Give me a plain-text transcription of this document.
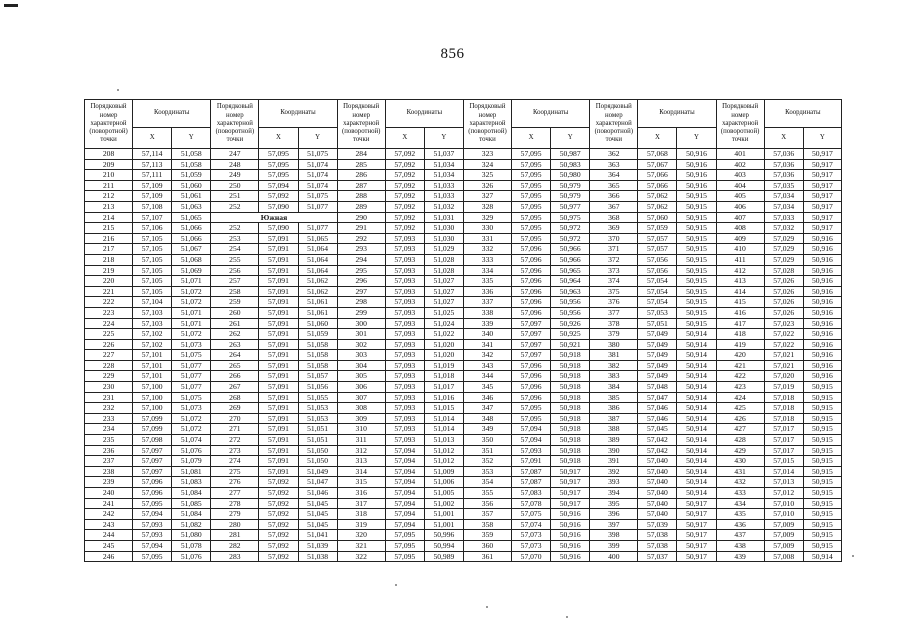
856
Порядковый номер характерной (поворотной) точки	Координаты		Порядковый номер характерной (поворотной) точки	Координаты		Порядковый номер характерной (поворотной) точки	Координаты		Порядковый номер характерной (поворотной) точки	Координаты		Порядковый номер характерной (поворотной) точки	Координаты		Порядковый номер характерной (поворотной) точки	Координаты	
	X	Y		X	Y		X	Y		X	Y		X	Y		X	Y
208	57,114	51,058	247	57,095	51,075	284	57,092	51,037	323	57,095	50,987	362	57,068	50,916	401	57,036	50,917
209	57,113	51,058	248	57,095	51,074	285	57,092	51,034	324	57,095	50,983	363	57,067	50,916	402	57,036	50,917
210	57,111	51,059	249	57,095	51,074	286	57,092	51,034	325	57,095	50,980	364	57,066	50,916	403	57,036	50,917
211	57,109	51,060	250	57,094	51,074	287	57,092	51,033	326	57,095	50,979	365	57,066	50,916	404	57,035	50,917
212	57,109	51,061	251	57,092	51,075	288	57,092	51,033	327	57,095	50,979	366	57,062	50,915	405	57,034	50,917
213	57,108	51,063	252	57,090	51,077	289	57,092	51,032	328	57,095	50,977	367	57,062	50,915	406	57,034	50,917
214	57,107	51,065	Южная			290	57,092	51,031	329	57,095	50,975	368	57,060	50,915	407	57,033	50,917
215	57,106	51,066	252	57,090	51,077	291	57,092	51,030	330	57,095	50,972	369	57,059	50,915	408	57,032	50,917
216	57,105	51,066	253	57,091	51,065	292	57,093	51,030	331	57,095	50,972	370	57,057	50,915	409	57,029	50,916
217	57,105	51,067	254	57,091	51,064	293	57,093	51,029	332	57,096	50,966	371	57,057	50,915	410	57,029	50,916
218	57,105	51,068	255	57,091	51,064	294	57,093	51,028	333	57,096	50,966	372	57,056	50,915	411	57,029	50,916
219	57,105	51,069	256	57,091	51,064	295	57,093	51,028	334	57,096	50,965	373	57,056	50,915	412	57,028	50,916
220	57,105	51,071	257	57,091	51,062	296	57,093	51,027	335	57,096	50,964	374	57,054	50,915	413	57,026	50,916
221	57,105	51,072	258	57,091	51,062	297	57,093	51,027	336	57,096	50,963	375	57,054	50,915	414	57,026	50,916
222	57,104	51,072	259	57,091	51,061	298	57,093	51,027	337	57,096	50,956	376	57,054	50,915	415	57,026	50,916
223	57,103	51,071	260	57,091	51,061	299	57,093	51,025	338	57,096	50,956	377	57,053	50,915	416	57,026	50,916
224	57,103	51,071	261	57,091	51,060	300	57,093	51,024	339	57,097	50,926	378	57,051	50,915	417	57,023	50,916
225	57,102	51,072	262	57,091	51,059	301	57,093	51,022	340	57,097	50,925	379	57,049	50,914	418	57,022	50,916
226	57,102	51,073	263	57,091	51,058	302	57,093	51,020	341	57,097	50,921	380	57,049	50,914	419	57,022	50,916
227	57,101	51,075	264	57,091	51,058	303	57,093	51,020	342	57,097	50,918	381	57,049	50,914	420	57,021	50,916
228	57,101	51,077	265	57,091	51,058	304	57,093	51,019	343	57,096	50,918	382	57,049	50,914	421	57,021	50,916
229	57,101	51,077	266	57,091	51,057	305	57,093	51,018	344	57,096	50,918	383	57,049	50,914	422	57,020	50,916
230	57,100	51,077	267	57,091	51,056	306	57,093	51,017	345	57,096	50,918	384	57,048	50,914	423	57,019	50,915
231	57,100	51,075	268	57,091	51,055	307	57,093	51,016	346	57,096	50,918	385	57,047	50,914	424	57,018	50,915
232	57,100	51,073	269	57,091	51,053	308	57,093	51,015	347	57,095	50,918	386	57,046	50,914	425	57,018	50,915
233	57,099	51,072	270	57,091	51,053	309	57,093	51,014	348	57,095	50,918	387	57,046	50,914	426	57,018	50,915
234	57,099	51,072	271	57,091	51,051	310	57,093	51,014	349	57,094	50,918	388	57,045	50,914	427	57,017	50,915
235	57,098	51,074	272	57,091	51,051	311	57,093	51,013	350	57,094	50,918	389	57,042	50,914	428	57,017	50,915
236	57,097	51,076	273	57,091	51,050	312	57,094	51,012	351	57,093	50,918	390	57,042	50,914	429	57,017	50,915
237	57,097	51,079	274	57,091	51,050	313	57,094	51,012	352	57,091	50,918	391	57,040	50,914	430	57,015	50,915
238	57,097	51,081	275	57,091	51,049	314	57,094	51,009	353	57,087	50,917	392	57,040	50,914	431	57,014	50,915
239	57,096	51,083	276	57,092	51,047	315	57,094	51,006	354	57,087	50,917	393	57,040	50,914	432	57,013	50,915
240	57,096	51,084	277	57,092	51,046	316	57,094	51,005	355	57,083	50,917	394	57,040	50,914	433	57,012	50,915
241	57,095	51,085	278	57,092	51,045	317	57,094	51,002	356	57,078	50,917	395	57,040	50,917	434	57,010	50,915
242	57,094	51,084	279	57,092	51,045	318	57,094	51,001	357	57,075	50,916	396	57,040	50,917	435	57,010	50,915
243	57,093	51,082	280	57,092	51,045	319	57,094	51,001	358	57,074	50,916	397	57,039	50,917	436	57,009	50,915
244	57,093	51,080	281	57,092	51,041	320	57,095	50,996	359	57,073	50,916	398	57,038	50,917	437	57,009	50,915
245	57,094	51,078	282	57,092	51,039	321	57,095	50,994	360	57,073	50,916	399	57,038	50,917	438	57,009	50,915
246	57,095	51,076	283	57,092	51,038	322	57,095	50,989	361	57,070	50,916	400	57,037	50,917	439	57,008	50,914
